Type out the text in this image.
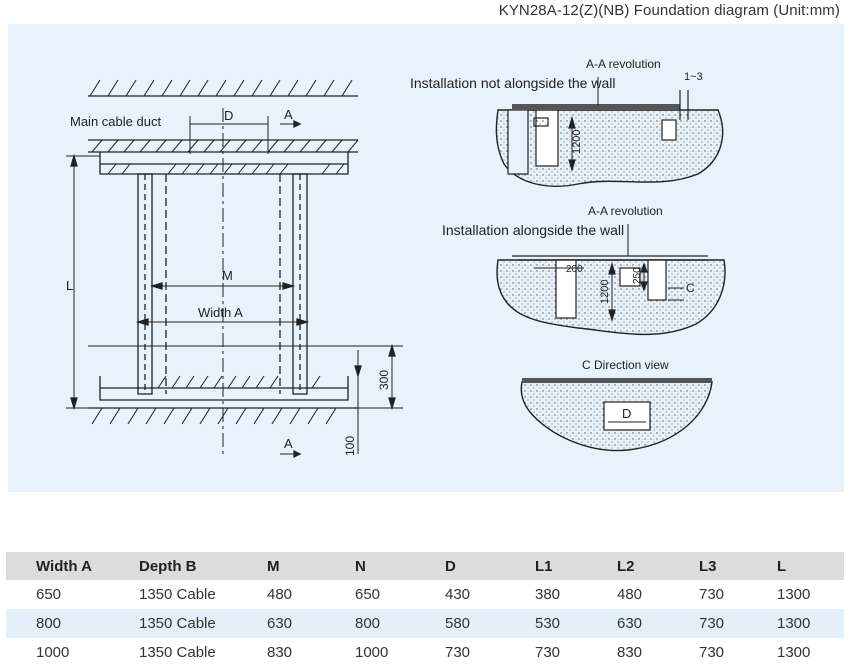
KYN28A-12(Z)(NB) Foundation diagram (Unit:mm)
Main cable duct	D	A
A
L
M
Width A
300
100
A-A revolution
Installation not alongside the wall	1~3
1200
A-A revolution
Installation alongside the wall
200	250
1200	C
C Direction view
D
Width A	Depth B	M	N	D	L1	L2	L3	L
650	1350 Cable	480	650	430	380	480	730	1300
800	1350 Cable	630	800	580	530	630	730	1300
1000	1350 Cable	830	1000	730	730	830	730	1300
